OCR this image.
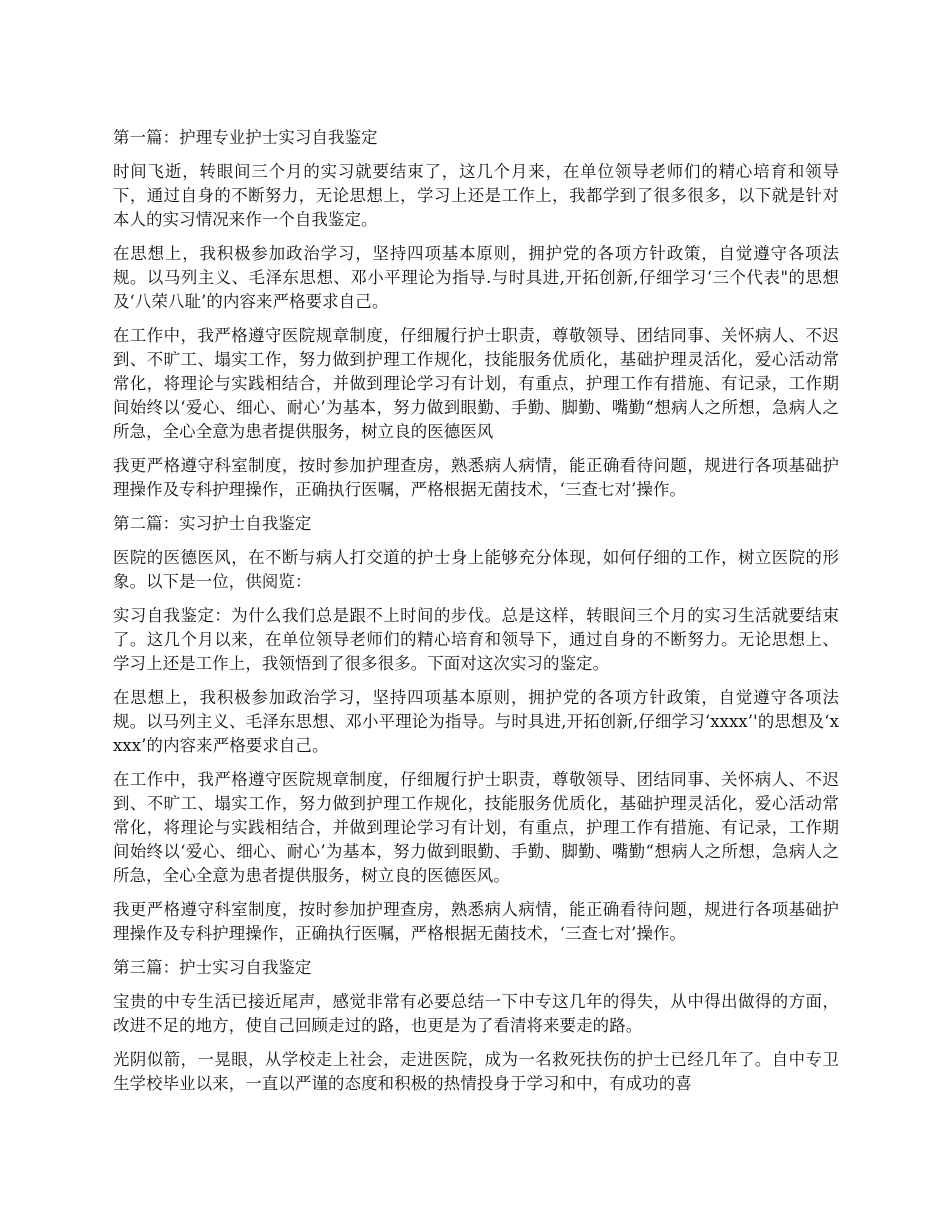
第一篇：护理专业护士实习自我鉴定

时间飞逝，转眼间三个月的实习就要结束了，这几个月来，在单位领导老师们的精心培育和领导下，通过自身的不断努力，无论思想上，学习上还是工作上，我都学到了很多很多，以下就是针对本人的实习情况来作一个自我鉴定。

在思想上，我积极参加政治学习，坚持四项基本原则，拥护党的各项方针政策，自觉遵守各项法规。以马列主义、毛泽东思想、邓小平理论为指导.与时具进,开拓创新,仔细学习‘三个代表"的思想及‘八荣八耻’的内容来严格要求自己。

在工作中，我严格遵守医院规章制度，仔细履行护士职责，尊敬领导、团结同事、关怀病人、不迟到、不旷工、塌实工作，努力做到护理工作规化，技能服务优质化，基础护理灵活化，爱心活动常常化，将理论与实践相结合，并做到理论学习有计划，有重点，护理工作有措施、有记录，工作期间始终以‘爱心、细心、耐心’为基本，努力做到眼勤、手勤、脚勤、嘴勤“想病人之所想，急病人之所急，全心全意为患者提供服务，树立良的医德医风

我更严格遵守科室制度，按时参加护理查房，熟悉病人病情，能正确看待问题，规进行各项基础护理操作及专科护理操作，正确执行医嘱，严格根据无菌技术，‘三查七对’操作。

第二篇：实习护士自我鉴定

医院的医德医风，在不断与病人打交道的护士身上能够充分体现，如何仔细的工作，树立医院的形象。以下是一位，供阅览：

实习自我鉴定：为什么我们总是跟不上时间的步伐。总是这样，转眼间三个月的实习生活就要结束了。这几个月以来，在单位领导老师们的精心培育和领导下，通过自身的不断努力。无论思想上、学习上还是工作上，我领悟到了很多很多。下面对这次实习的鉴定。

在思想上，我积极参加政治学习，坚持四项基本原则，拥护党的各项方针政策，自觉遵守各项法规。以马列主义、毛泽东思想、邓小平理论为指导。与时具进,开拓创新,仔细学习‘xxxx’'的思想及‘xxxx’的内容来严格要求自己。

在工作中，我严格遵守医院规章制度，仔细履行护士职责，尊敬领导、团结同事、关怀病人、不迟到、不旷工、塌实工作，努力做到护理工作规化，技能服务优质化，基础护理灵活化，爱心活动常常化，将理论与实践相结合，并做到理论学习有计划，有重点，护理工作有措施、有记录，工作期间始终以‘爱心、细心、耐心’为基本，努力做到眼勤、手勤、脚勤、嘴勤“想病人之所想，急病人之所急，全心全意为患者提供服务，树立良的医德医风。

我更严格遵守科室制度，按时参加护理查房，熟悉病人病情，能正确看待问题，规进行各项基础护理操作及专科护理操作，正确执行医嘱，严格根据无菌技术，‘三查七对’操作。

第三篇：护士实习自我鉴定

宝贵的中专生活已接近尾声，感觉非常有必要总结一下中专这几年的得失，从中得出做得的方面，改进不足的地方，使自己回顾走过的路，也更是为了看清将来要走的路。

光阴似箭，一晃眼，从学校走上社会，走进医院，成为一名救死扶伤的护士已经几年了。自中专卫生学校毕业以来，一直以严谨的态度和积极的热情投身于学习和中，有成功的喜
